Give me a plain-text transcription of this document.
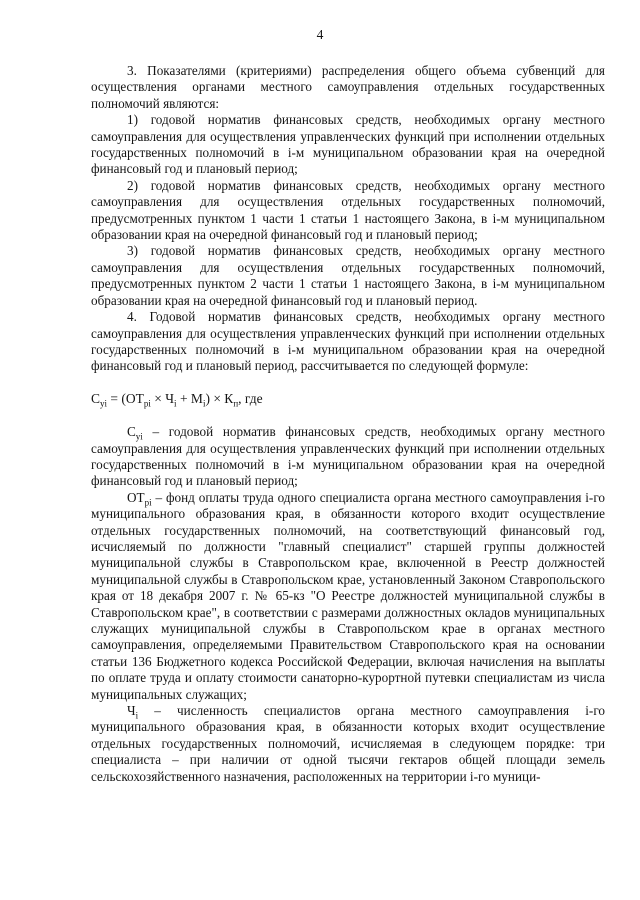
4

3. Показателями (критериями) распределения общего объема субвенций для осуществления органами местного самоуправления отдельных государственных полномочий являются:

1) годовой норматив финансовых средств, необходимых органу местного самоуправления для осуществления управленческих функций при исполнении отдельных государственных полномочий в i-м муниципальном образовании края на очередной финансовый год и плановый период;

2) годовой норматив финансовых средств, необходимых органу местного самоуправления для осуществления отдельных государственных полномочий, предусмотренных пунктом 1 части 1 статьи 1 настоящего Закона, в i-м муниципальном образовании края на очередной финансовый год и плановый период;

3) годовой норматив финансовых средств, необходимых органу местного самоуправления для осуществления отдельных государственных полномочий, предусмотренных пунктом 2 части 1 статьи 1 настоящего Закона, в i-м муниципальном образовании края на очередной финансовый год и плановый период.

4. Годовой норматив финансовых средств, необходимых органу местного самоуправления для осуществления управленческих функций при исполнении отдельных государственных полномочий в i-м муниципальном образовании края на очередной финансовый год и плановый период, рассчитывается по следующей формуле:

$С_{yi} = (ОТ_{pi} \times Ч_i + М_i) \times К_п$, где

$С_{yi}$ – годовой норматив финансовых средств, необходимых органу местного самоуправления для осуществления управленческих функций при исполнении отдельных государственных полномочий в i-м муниципальном образовании края на очередной финансовый год и плановый период;

$ОТ_{pi}$ – фонд оплаты труда одного специалиста органа местного самоуправления i-го муниципального образования края, в обязанности которого входит осуществление отдельных государственных полномочий, на соответствующий финансовый год, исчисляемый по должности "главный специалист" старшей группы должностей муниципальной службы в Ставропольском крае, включенной в Реестр должностей муниципальной службы в Ставропольском крае, установленный Законом Ставропольского края от 18 декабря 2007 г. № 65-кз "О Реестре должностей муниципальной службы в Ставропольском крае", в соответствии с размерами должностных окладов муниципальных служащих муниципальной службы в Ставропольском крае в органах местного самоуправления, определяемыми Правительством Ставропольского края на основании статьи 136 Бюджетного кодекса Российской Федерации, включая начисления на выплаты по оплате труда и оплату стоимости санаторно-курортной путевки специалистам из числа муниципальных служащих;

$Ч_i$ – численность специалистов органа местного самоуправления i-го муниципального образования края, в обязанности которых входит осуществление отдельных государственных полномочий, исчисляемая в следующем порядке: три специалиста – при наличии от одной тысячи гектаров общей площади земель сельскохозяйственного назначения, расположенных на территории i-го муници-
